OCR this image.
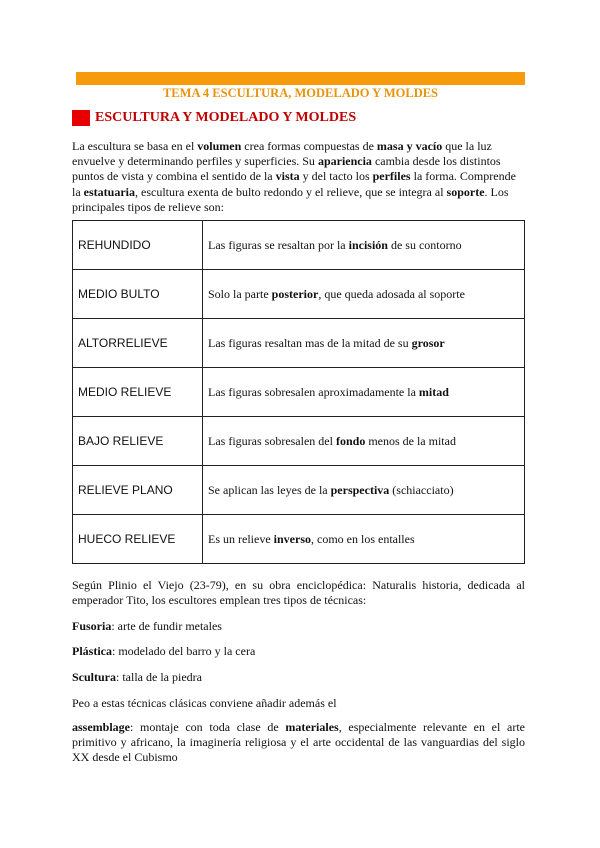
TEMA 4 ESCULTURA, MODELADO Y MOLDES
ESCULTURA Y MODELADO Y MOLDES

La escultura se basa en el volumen crea formas compuestas de masa y vacío que la luz envuelve y determinando perfiles y superficies. Su apariencia cambia desde los distintos puntos de vista y combina el sentido de la vista y del tacto los perfiles la forma. Comprende la estatuaria, escultura exenta de bulto redondo y el relieve, que se integra al soporte. Los principales tipos de relieve son:

REHUNDIDO	Las figuras se resaltan por la incisión de su contorno
MEDIO BULTO	Solo la parte posterior, que queda adosada al soporte
ALTORRELIEVE	Las figuras resaltan mas de la mitad de su grosor
MEDIO RELIEVE	Las figuras sobresalen aproximadamente la mitad
BAJO RELIEVE	Las figuras sobresalen del fondo menos de la mitad
RELIEVE PLANO	Se aplican las leyes de la perspectiva (schiacciato)
HUECO RELIEVE	Es un relieve inverso, como en los entalles

Según Plinio el Viejo (23-79), en su obra enciclopédica: Naturalis historia, dedicada al emperador Tito, los escultores emplean tres tipos de técnicas:

Fusoria: arte de fundir metales
Plástica: modelado del barro y la cera
Scultura: talla de la piedra
Peo a estas técnicas clásicas conviene añadir además el

assemblage: montaje con toda clase de materiales, especialmente relevante en el arte primitivo y africano, la imaginería religiosa y el arte occidental de las vanguardias del siglo XX desde el Cubismo
